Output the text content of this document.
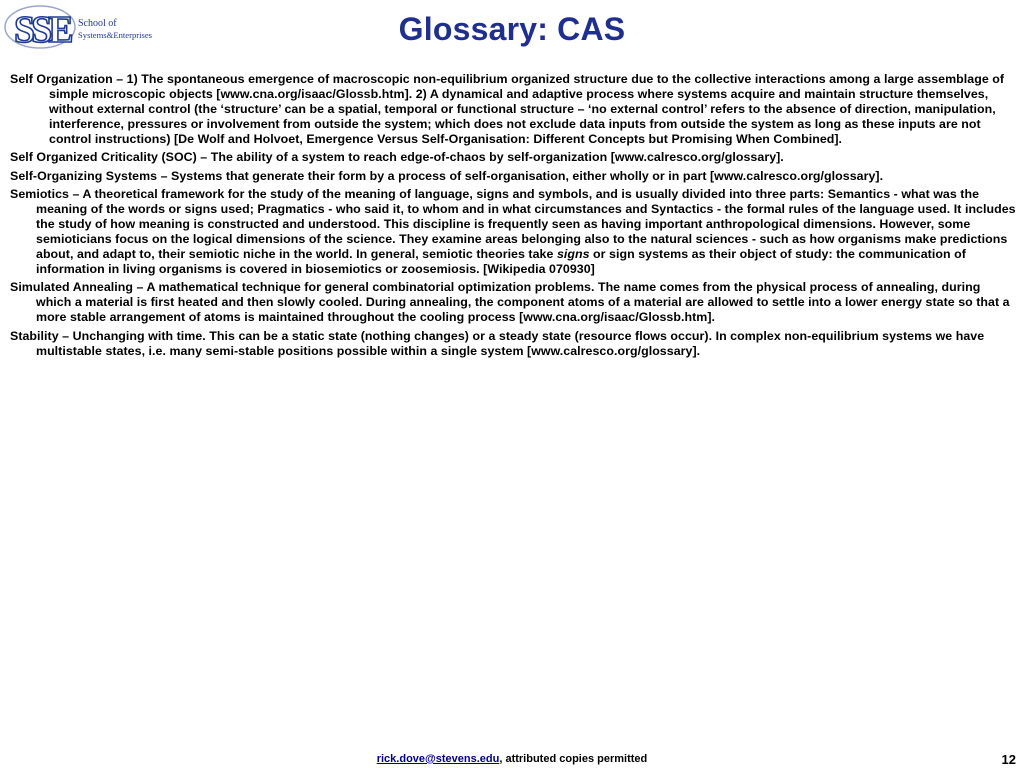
SSE School of
Systems&Enterprises	Glossary: CAS

Self Organization – 1) The spontaneous emergence of macroscopic non-equilibrium organized structure due to the collective interactions among a large assemblage of simple microscopic objects [www.cna.org/isaac/Glossb.htm]. 2) A dynamical and adaptive process where systems acquire and maintain structure themselves, without external control (the ‘structure’ can be a spatial, temporal or functional structure – ‘no external control’ refers to the absence of direction, manipulation, interference, pressures or involvement from outside the system; which does not exclude data inputs from outside the system as long as these inputs are not control instructions) [De Wolf and Holvoet, Emergence Versus Self-Organisation: Different Concepts but Promising When Combined].

Self Organized Criticality (SOC) – The ability of a system to reach edge-of-chaos by self-organization [www.calresco.org/glossary].

Self-Organizing Systems – Systems that generate their form by a process of self-organisation, either wholly or in part [www.calresco.org/glossary].

Semiotics – A theoretical framework for the study of the meaning of language, signs and symbols, and is usually divided into three parts: Semantics - what was the meaning of the words or signs used; Pragmatics - who said it, to whom and in what circumstances and Syntactics - the formal rules of the language used. It includes the study of how meaning is constructed and understood. This discipline is frequently seen as having important anthropological dimensions. However, some semioticians focus on the logical dimensions of the science. They examine areas belonging also to the natural sciences - such as how organisms make predictions about, and adapt to, their semiotic niche in the world. In general, semiotic theories take signs or sign systems as their object of study: the communication of information in living organisms is covered in biosemiotics or zoosemiosis. [Wikipedia 070930]

Simulated Annealing – A mathematical technique for general combinatorial optimization problems. The name comes from the physical process of annealing, during which a material is first heated and then slowly cooled. During annealing, the component atoms of a material are allowed to settle into a lower energy state so that a more stable arrangement of atoms is maintained throughout the cooling process [www.cna.org/isaac/Glossb.htm].

Stability – Unchanging with time. This can be a static state (nothing changes) or a steady state (resource flows occur). In complex non-equilibrium systems we have multistable states, i.e. many semi-stable positions possible within a single system [www.calresco.org/glossary].

rick.dove@stevens.edu, attributed copies permitted	12
